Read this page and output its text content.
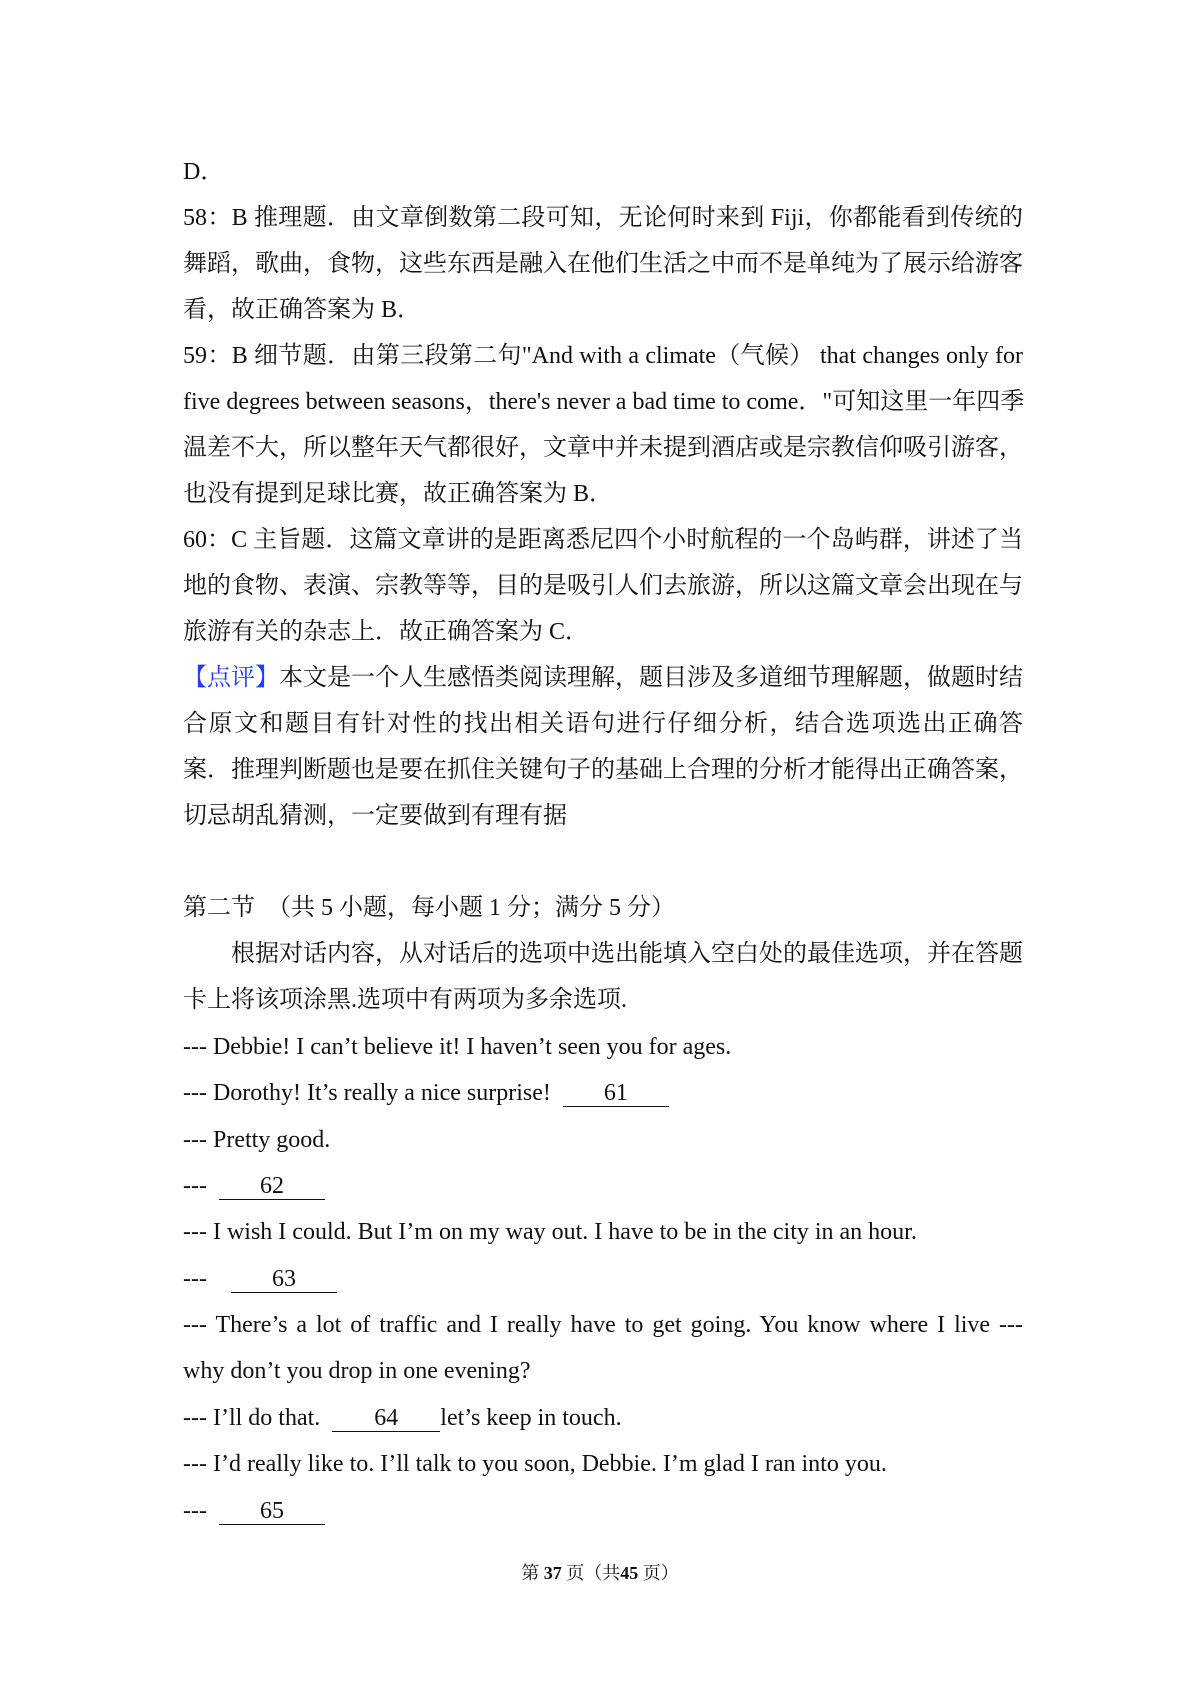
D．
58：B 推理题．由文章倒数第二段可知，无论何时来到 Fiji，你都能看到传统的
舞蹈，歌曲，食物，这些东西是融入在他们生活之中而不是单纯为了展示给游客
看，故正确答案为 B．
59：B 细节题．由第三段第二句"And with a climate（气候） that changes only for
five degrees between seasons，there's never a bad time to come．"可知这里一年四季
温差不大，所以整年天气都很好，文章中并未提到酒店或是宗教信仰吸引游客，
也没有提到足球比赛，故正确答案为 B．
60：C 主旨题．这篇文章讲的是距离悉尼四个小时航程的一个岛屿群，讲述了当
地的食物、表演、宗教等等，目的是吸引人们去旅游，所以这篇文章会出现在与
旅游有关的杂志上．故正确答案为 C．
【点评】本文是一个人生感悟类阅读理解，题目涉及多道细节理解题，做题时结
合原文和题目有针对性的找出相关语句进行仔细分析，结合选项选出正确答
案．推理判断题也是要在抓住关键句子的基础上合理的分析才能得出正确答案，
切忌胡乱猜测，一定要做到有理有据
第二节  （共 5 小题，每小题 1 分；满分 5 分）
根据对话内容，从对话后的选项中选出能填入空白处的最佳选项，并在答题
卡上将该项涂黑.选项中有两项为多余选项.
--- Debbie! I can’t believe it! I haven’t seen you for ages.
--- Dorothy! It’s really a nice surprise! 61
--- Pretty good.
--- 62
--- I wish I could. But I’m on my way out. I have to be in the city in an hour.
---	63
--- There’s a lot of traffic and I really have to get going. You know where I live ---
why don’t you drop in one evening?
--- I’ll do that. 64 let’s keep in touch.
--- I’d really like to. I’ll talk to you soon, Debbie. I’m glad I ran into you.
--- 65
第 37 页（共45 页）
